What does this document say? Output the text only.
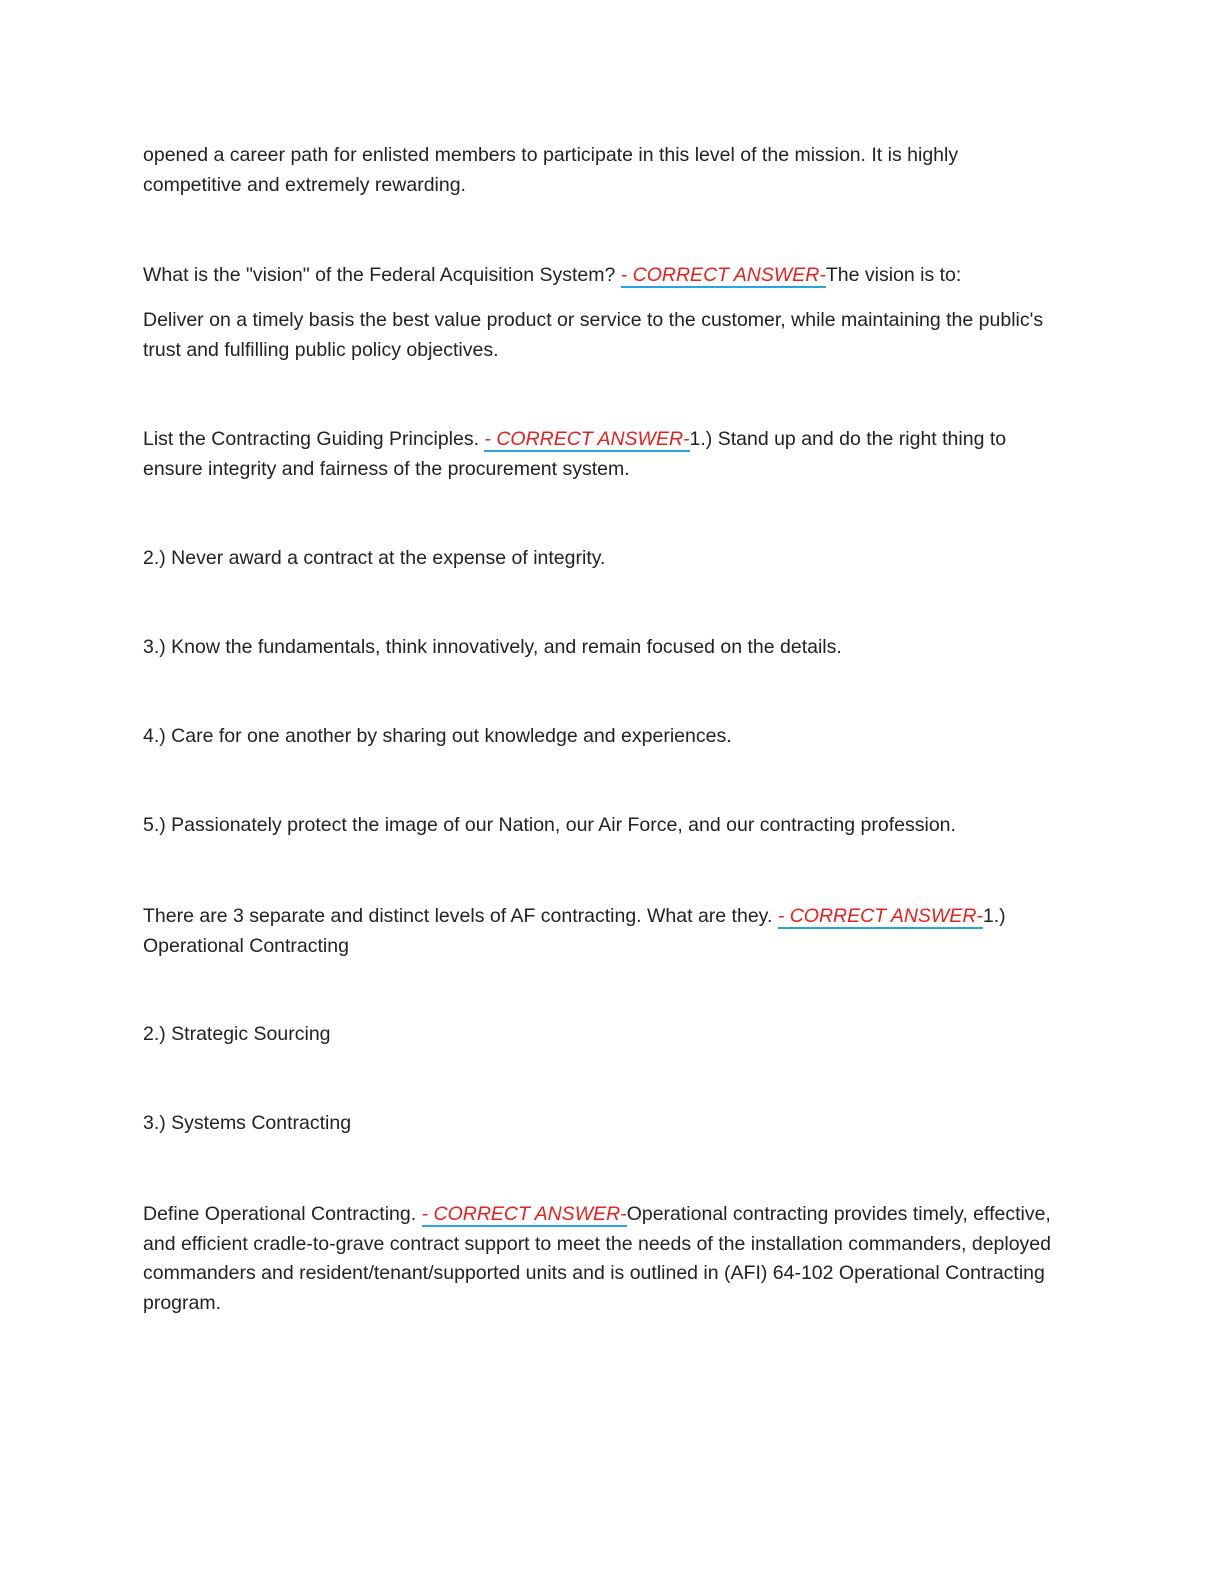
opened a career path for enlisted members to participate in this level of the mission. It is highly competitive and extremely rewarding.

What is the "vision" of the Federal Acquisition System? - CORRECT ANSWER-The vision is to:

Deliver on a timely basis the best value product or service to the customer, while maintaining the public's trust and fulfilling public policy objectives.

List the Contracting Guiding Principles. - CORRECT ANSWER-1.) Stand up and do the right thing to ensure integrity and fairness of the procurement system.

2.) Never award a contract at the expense of integrity.

3.) Know the fundamentals, think innovatively, and remain focused on the details.

4.) Care for one another by sharing out knowledge and experiences.

5.) Passionately protect the image of our Nation, our Air Force, and our contracting profession.

There are 3 separate and distinct levels of AF contracting. What are they. - CORRECT ANSWER-1.) Operational Contracting

2.) Strategic Sourcing

3.) Systems Contracting

Define Operational Contracting. - CORRECT ANSWER-Operational contracting provides timely, effective, and efficient cradle-to-grave contract support to meet the needs of the installation commanders, deployed commanders and resident/tenant/supported units and is outlined in (AFI) 64-102 Operational Contracting program.
